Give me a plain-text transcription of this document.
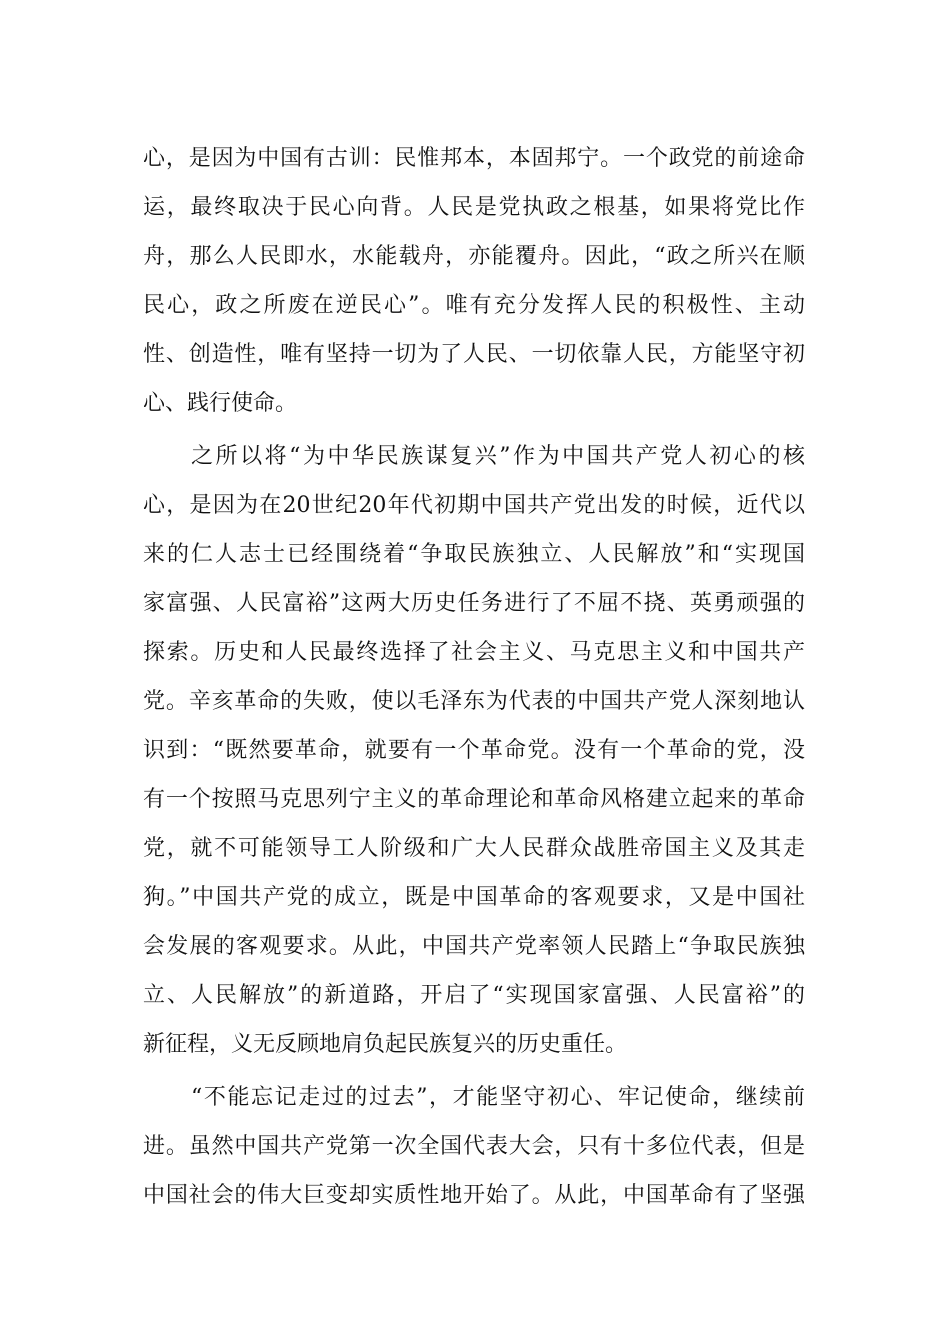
心，是因为中国有古训：民惟邦本，本固邦宁。一个政党的前途命
运，最终取决于民心向背。人民是党执政之根基，如果将党比作
舟，那么人民即水，水能载舟，亦能覆舟。因此，“政之所兴在顺
民心，政之所废在逆民心”。唯有充分发挥人民的积极性、主动
性、创造性，唯有坚持一切为了人民、一切依靠人民，方能坚守初
心、践行使命。
之所以将“为中华民族谋复兴”作为中国共产党人初心的核
心，是因为在20世纪20年代初期中国共产党出发的时候，近代以
来的仁人志士已经围绕着“争取民族独立、人民解放”和“实现国
家富强、人民富裕”这两大历史任务进行了不屈不挠、英勇顽强的
探索。历史和人民最终选择了社会主义、马克思主义和中国共产
党。辛亥革命的失败，使以毛泽东为代表的中国共产党人深刻地认
识到：“既然要革命，就要有一个革命党。没有一个革命的党，没
有一个按照马克思列宁主义的革命理论和革命风格建立起来的革命
党，就不可能领导工人阶级和广大人民群众战胜帝国主义及其走
狗。”中国共产党的成立，既是中国革命的客观要求，又是中国社
会发展的客观要求。从此，中国共产党率领人民踏上“争取民族独
立、人民解放”的新道路，开启了“实现国家富强、人民富裕”的
新征程，义无反顾地肩负起民族复兴的历史重任。
“不能忘记走过的过去”，才能坚守初心、牢记使命，继续前
进。虽然中国共产党第一次全国代表大会，只有十多位代表，但是
中国社会的伟大巨变却实质性地开始了。从此，中国革命有了坚强
